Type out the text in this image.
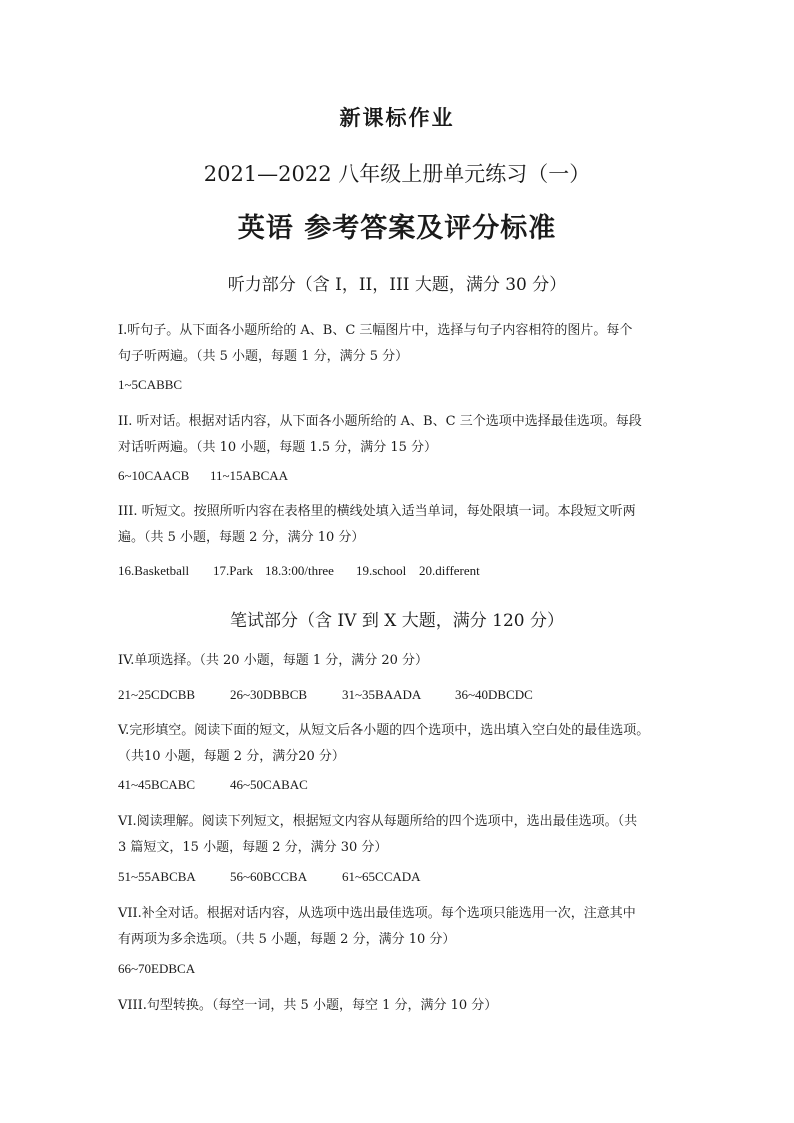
新课标作业
2021—2022 八年级上册单元练习（一）
英语 参考答案及评分标准
听力部分（含 I，II，III 大题，满分 30 分）
Ⅰ.听句子。从下面各小题所给的 A、B、C 三幅图片中，选择与句子内容相符的图片。每个
句子听两遍。（共 5 小题，每题 1 分，满分 5 分）
1~5CABBC
II. 听对话。根据对话内容，从下面各小题所给的 A、B、C 三个选项中选择最佳选项。每段
对话听两遍。（共 10 小题，每题 1.5 分，满分 15 分）
6~10CAACB 11~15ABCAA
III. 听短文。按照所听内容在表格里的横线处填入适当单词，每处限填一词。本段短文听两
遍。（共 5 小题，每题 2 分，满分 10 分）
16.Basketball 17.Park 18.3:00/three 19.school 20.different
笔试部分（含 IV 到 X 大题，满分 120 分）
IV.单项选择。（共 20 小题，每题 1 分，满分 20 分）
21~25CDCBB	26~30DBBCB	31~35BAADA	36~40DBCDC
V.完形填空。阅读下面的短文，从短文后各小题的四个选项中，选出填入空白处的最佳选项。
（共10 小题，每题 2 分，满分20 分）
41~45BCABC	46~50CABAC
VI.阅读理解。阅读下列短文，根据短文内容从每题所给的四个选项中，选出最佳选项。（共
3 篇短文，15 小题，每题 2 分，满分 30 分）
51~55ABCBA	56~60BCCBA	61~65CCADA
VII.补全对话。根据对话内容，从选项中选出最佳选项。每个选项只能选用一次，注意其中
有两项为多余选项。（共 5 小题，每题 2 分，满分 10 分）
66~70EDBCA
VIII.句型转换。（每空一词，共 5 小题，每空 1 分，满分 10 分）
